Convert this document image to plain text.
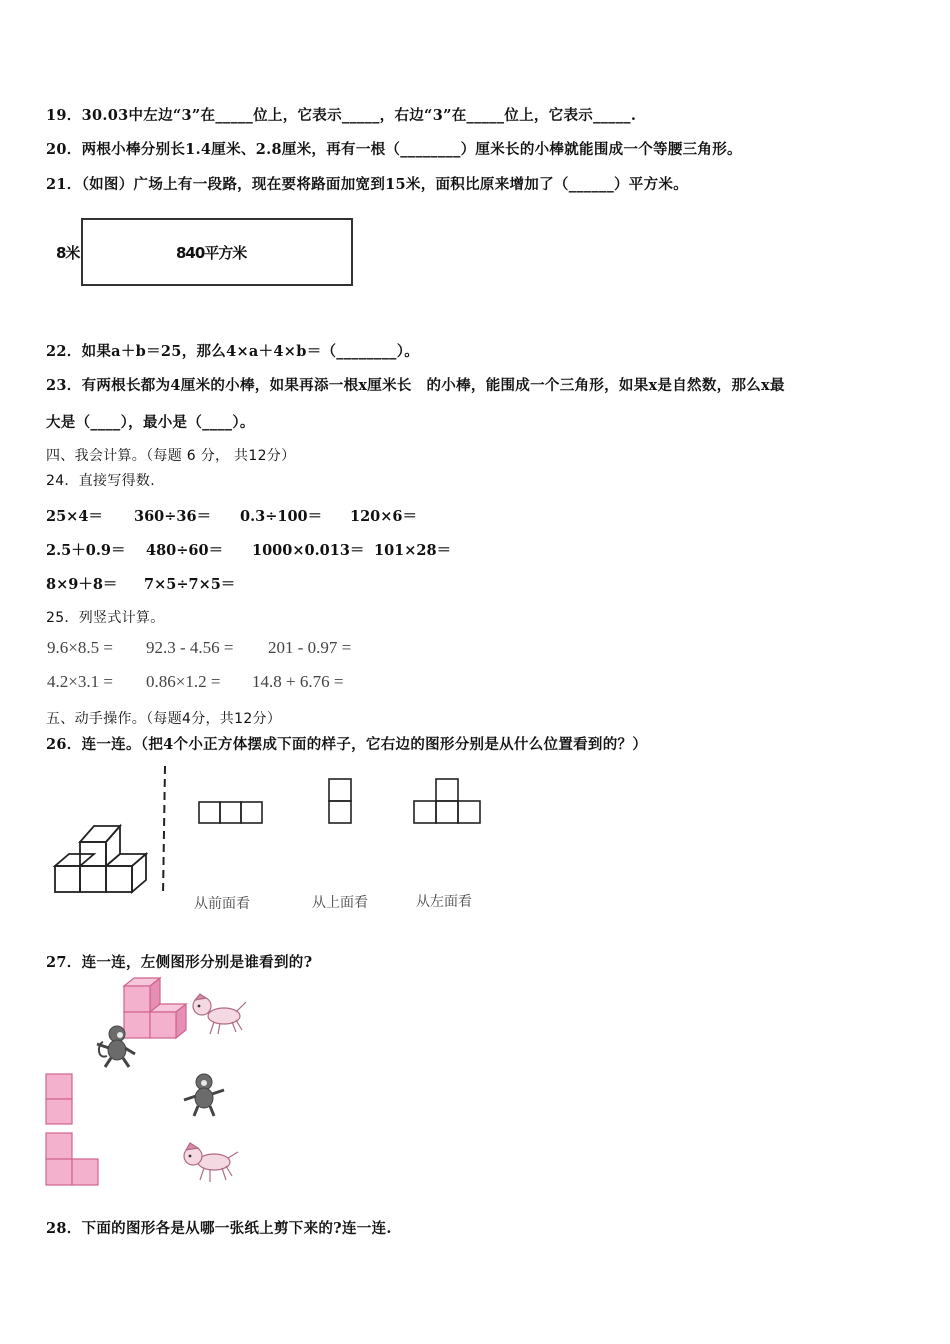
19．30.03中左边“3”在_____位上，它表示_____，右边“3”在_____位上，它表示_____.
20．两根小棒分别长1.4厘米、2.8厘米，再有一根（________）厘米长的小棒就能围成一个等腰三角形。
21．（如图）广场上有一段路，现在要将路面加宽到15米，面积比原来增加了（______）平方米。
8米	840平方米
22．如果a＋b＝25，那么4×a＋4×b＝（________）。
23．有两根长都为4厘米的小棒，如果再添一根x厘米长　的小棒，能围成一个三角形，如果x是自然数，那么x最
大是（____），最小是（____）。
四、我会计算。（每题 6 分， 共12分）
24．直接写得数.
25×4＝ 360÷36＝ 0.3÷100＝ 120×6＝
2.5＋0.9＝ 480÷60＝ 1000×0.013＝ 101×28＝
8×9＋8＝ 7×5÷7×5＝
25．列竖式计算。
9.6×8.5 = 92.3 - 4.56 = 201 - 0.97 =
4.2×3.1 = 0.86×1.2 = 14.8 + 6.76 =
五、动手操作。（每题4分，共12分）
26．连一连。（把4个小正方体摆成下面的样子，它右边的图形分别是从什么位置看到的？）
从前面看	从上面看	从左面看
27．连一连，左侧图形分别是谁看到的?
28．下面的图形各是从哪一张纸上剪下来的?连一连.
